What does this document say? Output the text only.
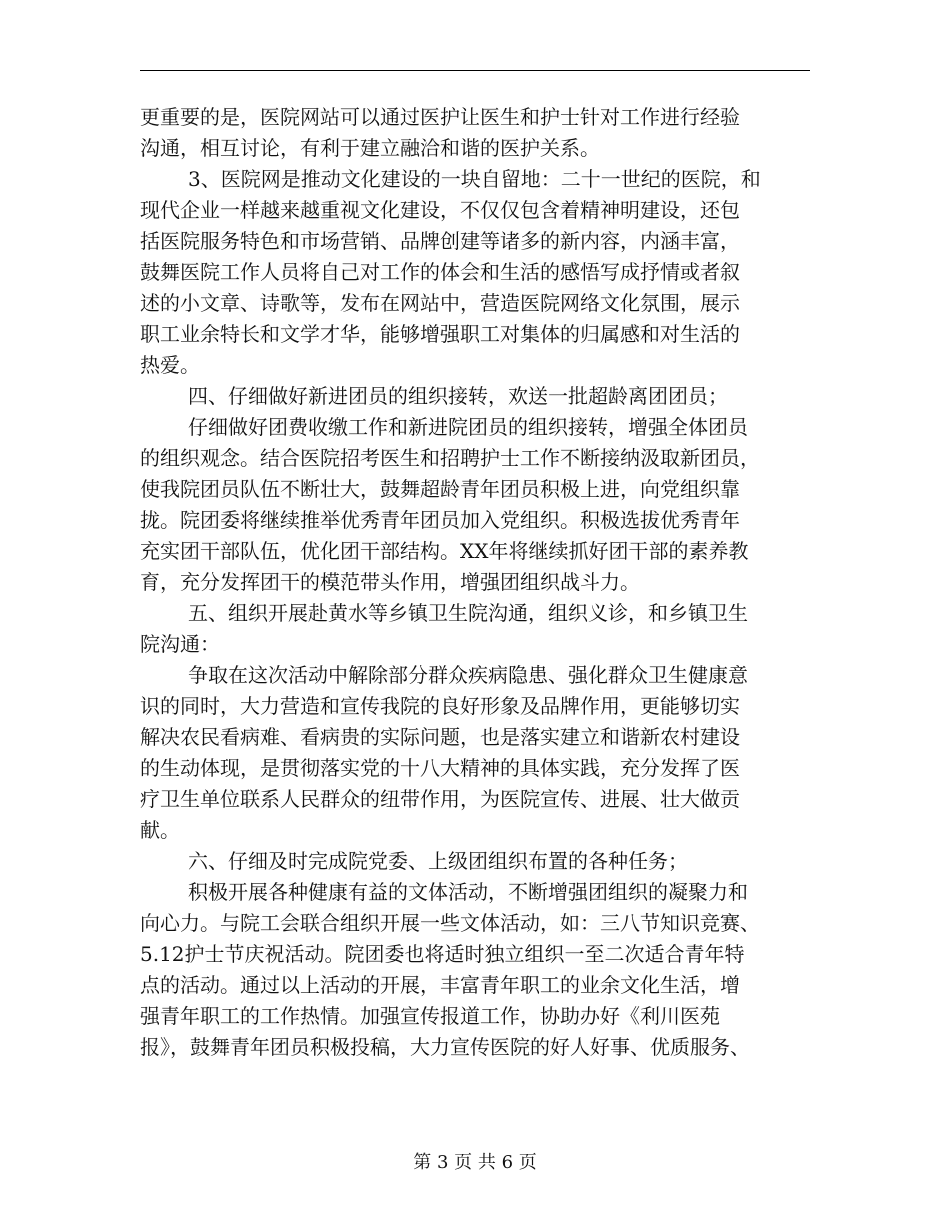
更重要的是，医院网站可以通过医护让医生和护士针对工作进行经验
沟通，相互讨论，有利于建立融洽和谐的医护关系。
3、医院网是推动文化建设的一块自留地：二十一世纪的医院，和
现代企业一样越来越重视文化建设，不仅仅包含着精神明建设，还包
括医院服务特色和市场营销、品牌创建等诸多的新内容，内涵丰富，
鼓舞医院工作人员将自己对工作的体会和生活的感悟写成抒情或者叙
述的小文章、诗歌等，发布在网站中，营造医院网络文化氛围，展示
职工业余特长和文学才华，能够增强职工对集体的归属感和对生活的
热爱。
四、仔细做好新进团员的组织接转，欢送一批超龄离团团员；
仔细做好团费收缴工作和新进院团员的组织接转，增强全体团员
的组织观念。结合医院招考医生和招聘护士工作不断接纳汲取新团员，
使我院团员队伍不断壮大，鼓舞超龄青年团员积极上进，向党组织靠
拢。院团委将继续推举优秀青年团员加入党组织。积极选拔优秀青年
充实团干部队伍，优化团干部结构。XX年将继续抓好团干部的素养教
育，充分发挥团干的模范带头作用，增强团组织战斗力。
五、组织开展赴黄水等乡镇卫生院沟通，组织义诊，和乡镇卫生
院沟通：
争取在这次活动中解除部分群众疾病隐患、强化群众卫生健康意
识的同时，大力营造和宣传我院的良好形象及品牌作用，更能够切实
解决农民看病难、看病贵的实际问题，也是落实建立和谐新农村建设
的生动体现，是贯彻落实党的十八大精神的具体实践，充分发挥了医
疗卫生单位联系人民群众的纽带作用，为医院宣传、进展、壮大做贡
献。
六、仔细及时完成院党委、上级团组织布置的各种任务；
积极开展各种健康有益的文体活动，不断增强团组织的凝聚力和
向心力。与院工会联合组织开展一些文体活动，如：三八节知识竞赛、
5.12护士节庆祝活动。院团委也将适时独立组织一至二次适合青年特
点的活动。通过以上活动的开展，丰富青年职工的业余文化生活，增
强青年职工的工作热情。加强宣传报道工作，协助办好《利川医苑
报》，鼓舞青年团员积极投稿，大力宣传医院的好人好事、优质服务、
第 3 页 共 6 页
